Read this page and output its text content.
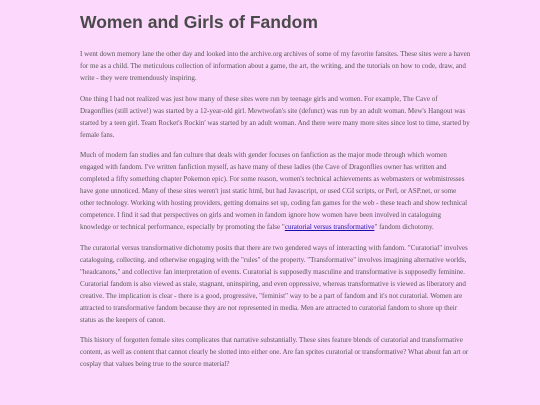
Women and Girls of Fandom

I went down memory lane the other day and looked into the archive.org archives of some of my favorite fansites. These sites were a haven for me as a child. The meticulous collection of information about a game, the art, the writing, and the tutorials on how to code, draw, and write - they were tremendously inspiring.

One thing I had not realized was just how many of these sites were run by teenage girls and women. For example, The Cave of Dragonflies (still active!) was started by a 12-year-old girl. Mewtwofan's site (defunct) was run by an adult woman. Mew's Hangout was started by a teen girl. Team Rocket's Rockin' was started by an adult woman. And there were many more sites since lost to time, started by female fans.

Much of modern fan studies and fan culture that deals with gender focuses on fanfiction as the major mode through which women engaged with fandom. I've written fanfiction myself, as have many of these ladies (the Cave of Dragonflies owner has written and completed a fifty something chapter Pokemon epic). For some reason, women's technical achievements as webmasters or webmistresses have gone unnoticed. Many of these sites weren't just static html, but had Javascript, or used CGI scripts, or Perl, or ASP.net, or some other technology. Working with hosting providers, getting domains set up, coding fan games for the web - these teach and show technical competence. I find it sad that perspectives on girls and women in fandom ignore how women have been involved in cataloguing knowledge or technical performance, especially by promoting the false "curatorial versus transformative" fandom dichotomy.

The curatorial versus transformative dichotomy posits that there are two gendered ways of interacting with fandom. "Curatorial" involves cataloguing, collecting, and otherwise engaging with the "rules" of the property. "Transformative" involves imagining alternative worlds, "headcanons," and collective fan interpretation of events. Curatorial is supposedly masculine and transformative is supposedly feminine. Curatorial fandom is also viewed as stale, stagnant, uninspiring, and even oppressive, whereas transformative is viewed as liberatory and creative. The implication is clear - there is a good, progressive, "feminist" way to be a part of fandom and it's not curatorial. Women are attracted to transformative fandom because they are not represented in media. Men are attracted to curatorial fandom to shore up their status as the keepers of canon.

This history of forgotten female sites complicates that narrative substantially. These sites feature blends of curatorial and transformative content, as well as content that cannot clearly be slotted into either one. Are fan sprites curatorial or transformative? What about fan art or cosplay that values being true to the source material?
